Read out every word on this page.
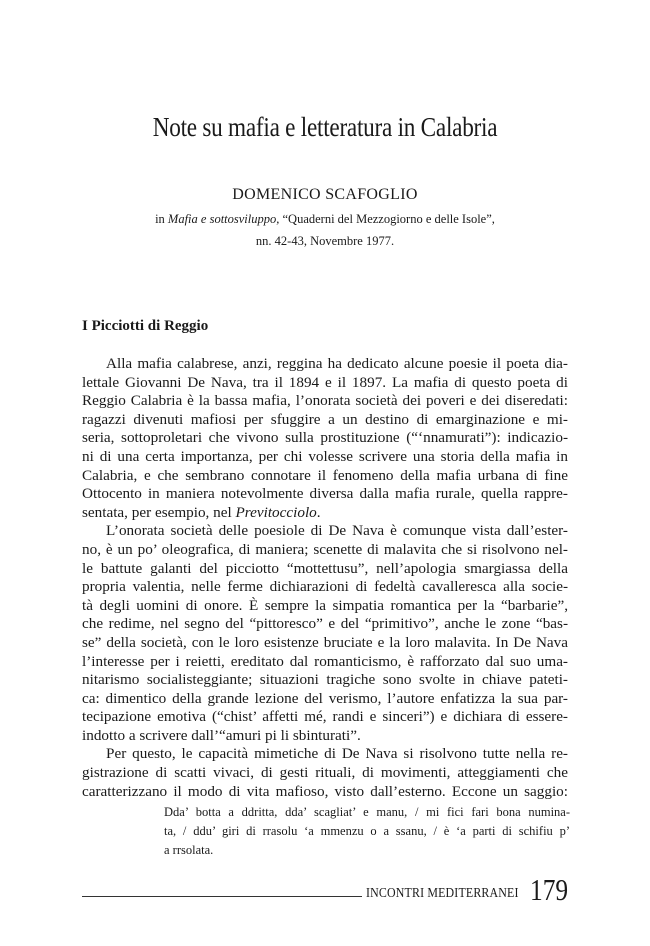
Note su mafia e letteratura in Calabria
DOMENICO SCAFOGLIO
in Mafia e sottosviluppo, “Quaderni del Mezzogiorno e delle Isole”,
nn. 42-43, Novembre 1977.
I Picciotti di Reggio
Alla mafia calabrese, anzi, reggina ha dedicato alcune poesie il poeta dia-
lettale Giovanni De Nava, tra il 1894 e il 1897. La mafia di questo poeta di
Reggio Calabria è la bassa mafia, l’onorata società dei poveri e dei diseredati:
ragazzi divenuti mafiosi per sfuggire a un destino di emarginazione e mi-
seria, sottoproletari che vivono sulla prostituzione (“‘nnamurati”): indicazio-
ni di una certa importanza, per chi volesse scrivere una storia della mafia in
Calabria, e che sembrano connotare il fenomeno della mafia urbana di fine
Ottocento in maniera notevolmente diversa dalla mafia rurale, quella rappre-
sentata, per esempio, nel Previtocciolo.
L’onorata società delle poesiole di De Nava è comunque vista dall’ester-
no, è un po’ oleografica, di maniera; scenette di malavita che si risolvono nel-
le battute galanti del picciotto “mottettusu”, nell’apologia smargiassa della
propria valentia, nelle ferme dichiarazioni di fedeltà cavalleresca alla socie-
tà degli uomini di onore. È sempre la simpatia romantica per la “barbarie”,
che redime, nel segno del “pittoresco” e del “primitivo”, anche le zone “bas-
se” della società, con le loro esistenze bruciate e la loro malavita. In De Nava
l’interesse per i reietti, ereditato dal romanticismo, è rafforzato dal suo uma-
nitarismo socialisteggiante; situazioni tragiche sono svolte in chiave pateti-
ca: dimentico della grande lezione del verismo, l’autore enfatizza la sua par-
tecipazione emotiva (“chist’ affetti mé, randi e sinceri”) e dichiara di essere-
indotto a scrivere dall’“amuri pi li sbinturati”.
Per questo, le capacità mimetiche di De Nava si risolvono tutte nella re-
gistrazione di scatti vivaci, di gesti rituali, di movimenti, atteggiamenti che
caratterizzano il modo di vita mafioso, visto dall’esterno. Eccone un saggio:
Dda’ botta a ddritta, dda’ scagliat’ e manu, / mi fici fari bona numina-
ta, / ddu’ giri di rrasolu ‘a mmenzu o a ssanu, / è ‘a parti di schifiu p’
a rrsolata.
INCONTRI MEDITERRANEI 179
